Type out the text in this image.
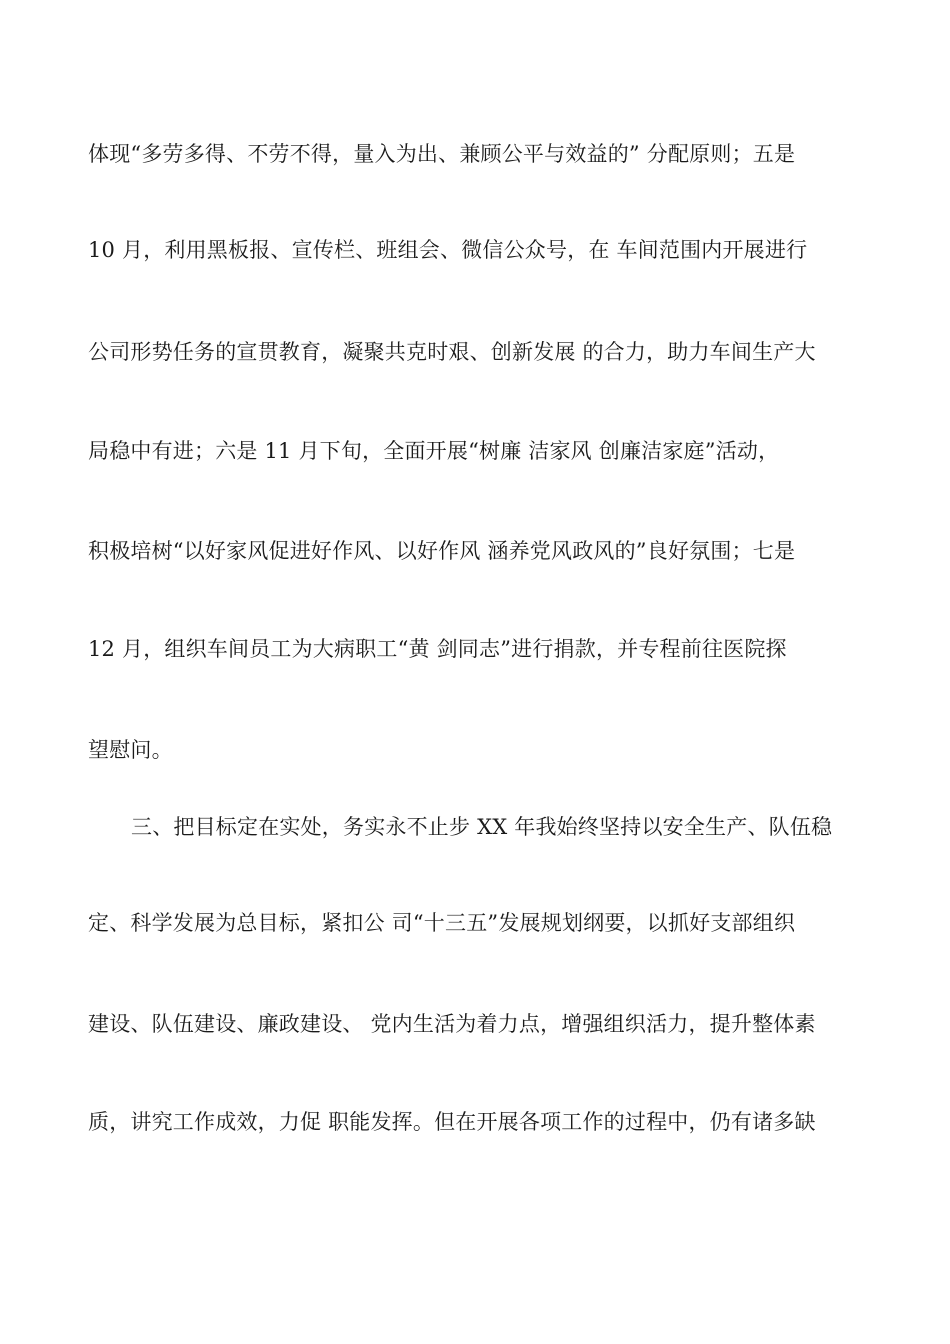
体现“多劳多得、不劳不得，量入为出、兼顾公平与效益的” 分配原则；五是
10 月，利用黑板报、宣传栏、班组会、微信公众号，在 车间范围内开展进行
公司形势任务的宣贯教育，凝聚共克时艰、创新发展 的合力，助力车间生产大
局稳中有进；六是 11 月下旬，全面开展“树廉 洁家风 创廉洁家庭”活动，
积极培树“以好家风促进好作风、以好作风 涵养党风政风的”良好氛围；七是
12 月，组织车间员工为大病职工“黄 剑同志”进行捐款，并专程前往医院探
望慰问。
三、把目标定在实处，务实永不止步 XX 年我始终坚持以安全生产、队伍稳
定、科学发展为总目标，紧扣公 司“十三五”发展规划纲要，以抓好支部组织
建设、队伍建设、廉政建设、 党内生活为着力点，增强组织活力，提升整体素
质，讲究工作成效，力促 职能发挥。但在开展各项工作的过程中，仍有诸多缺
